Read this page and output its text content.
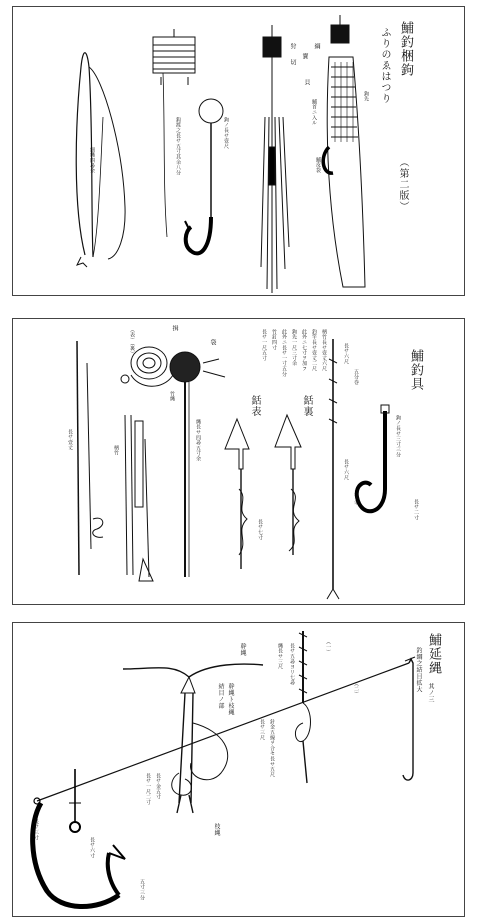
鯆釣梱鉤
ふりのゑはつり
（第二版）
寶
貝
狩
切
綱
細縄四尋余	鈎渡之長サ五寸其余八分	鉤ノ長サ壹尺
鯆首ニ入ル
鯆皮袋
鉤先
鯆釣具
揖
袋
銛表	銛裏
（表）（裏）
竹縄
長サ壹丈
柄竹
柄竹長サ壹丈六尺
釣竿長サ壹丈二尺
此外ニ七寸ヲ加フ
鉤先一尺三寸余
此外ニ長サ一寸五分
竹釘四寸
長サ一尺五寸
縄長サ四尋五寸余
長サ七寸
長サ六尺
五分巻
鉤ノ長サ三寸三分
長サ二寸
長サ六尺
二丈余
鯆延縄
其ノ三
釣綱之結目拡大
幹縄
枝縄
結目ノ部 幹縄ト枝縄
（一）
（二）
長サ五尋ヨリ七尋
縄長サ三尺
針金五線ヲ合セ長サ五尺
長サ三尺
長サ金五寸
長サ一尺二寸
長サ三寸
五寸三分
長サ六寸
